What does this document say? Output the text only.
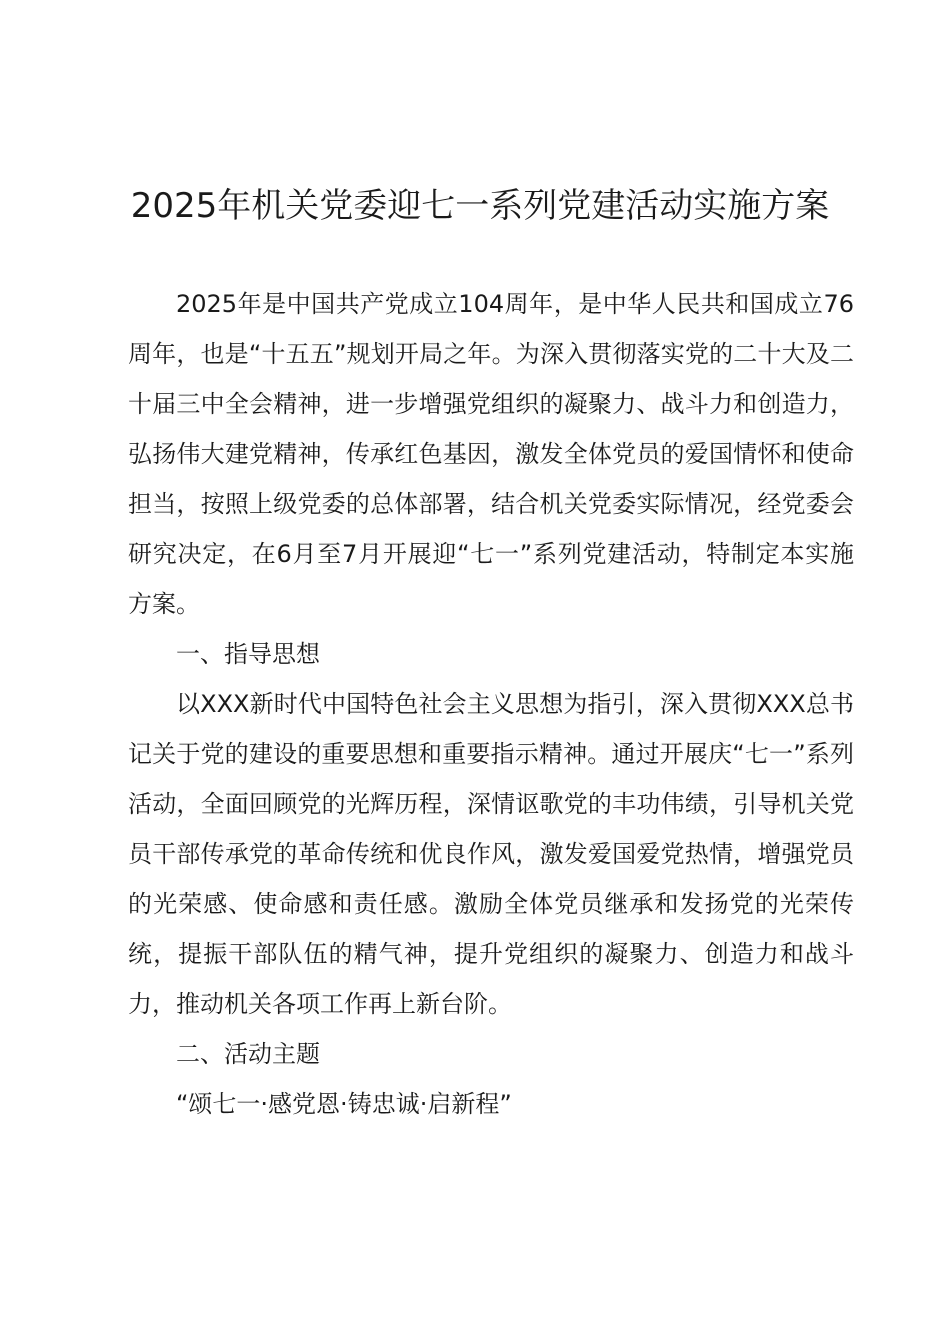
2025年机关党委迎七一系列党建活动实施方案

2025年是中国共产党成立104周年，是中华人民共和国成立76周年，也是“十五五”规划开局之年。为深入贯彻落实党的二十大及二十届三中全会精神，进一步增强党组织的凝聚力、战斗力和创造力，弘扬伟大建党精神，传承红色基因，激发全体党员的爱国情怀和使命担当，按照上级党委的总体部署，结合机关党委实际情况，经党委会研究决定，在6月至7月开展迎“七一”系列党建活动，特制定本实施方案。

一、指导思想

以XXX新时代中国特色社会主义思想为指引，深入贯彻XXX总书记关于党的建设的重要思想和重要指示精神。通过开展庆“七一”系列活动，全面回顾党的光辉历程，深情讴歌党的丰功伟绩，引导机关党员干部传承党的革命传统和优良作风，激发爱国爱党热情，增强党员的光荣感、使命感和责任感。激励全体党员继承和发扬党的光荣传统，提振干部队伍的精气神，提升党组织的凝聚力、创造力和战斗力，推动机关各项工作再上新台阶。

二、活动主题

“颂七一·感党恩·铸忠诚·启新程”
